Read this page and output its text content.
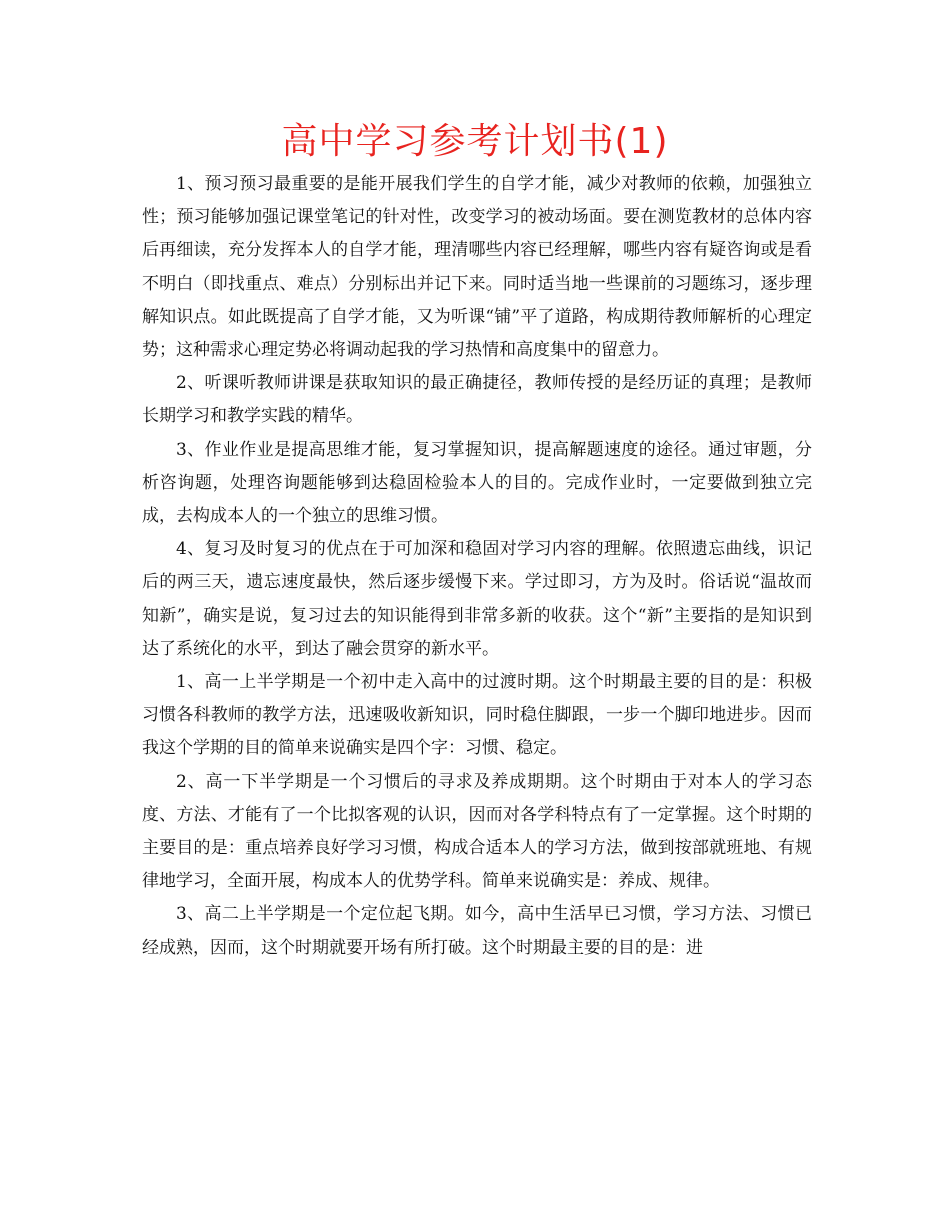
高中学习参考计划书(1)

1、预习预习最重要的是能开展我们学生的自学才能，减少对教师的依赖，加强独立性；预习能够加强记课堂笔记的针对性，改变学习的被动场面。要在测览教材的总体内容后再细读，充分发挥本人的自学才能，理清哪些内容已经理解，哪些内容有疑咨询或是看不明白（即找重点、难点）分别标出并记下来。同时适当地一些课前的习题练习，逐步理解知识点。如此既提高了自学才能，又为听课“铺”平了道路，构成期待教师解析的心理定势；这种需求心理定势必将调动起我的学习热情和高度集中的留意力。

2、听课听教师讲课是获取知识的最正确捷径，教师传授的是经历证的真理；是教师长期学习和教学实践的精华。

3、作业作业是提高思维才能，复习掌握知识，提高解题速度的途径。通过审题，分析咨询题，处理咨询题能够到达稳固检验本人的目的。完成作业时，一定要做到独立完成，去构成本人的一个独立的思维习惯。

4、复习及时复习的优点在于可加深和稳固对学习内容的理解。依照遗忘曲线，识记后的两三天，遗忘速度最快，然后逐步缓慢下来。学过即习，方为及时。俗话说“温故而知新”，确实是说，复习过去的知识能得到非常多新的收获。这个“新”主要指的是知识到达了系统化的水平，到达了融会贯穿的新水平。

1、高一上半学期是一个初中走入高中的过渡时期。这个时期最主要的目的是：积极习惯各科教师的教学方法，迅速吸收新知识，同时稳住脚跟，一步一个脚印地进步。因而我这个学期的目的简单来说确实是四个字：习惯、稳定。

2、高一下半学期是一个习惯后的寻求及养成期期。这个时期由于对本人的学习态度、方法、才能有了一个比拟客观的认识，因而对各学科特点有了一定掌握。这个时期的主要目的是：重点培养良好学习习惯，构成合适本人的学习方法，做到按部就班地、有规律地学习，全面开展，构成本人的优势学科。简单来说确实是：养成、规律。

3、高二上半学期是一个定位起飞期。如今，高中生活早已习惯，学习方法、习惯已经成熟，因而，这个时期就要开场有所打破。这个时期最主要的目的是：进
